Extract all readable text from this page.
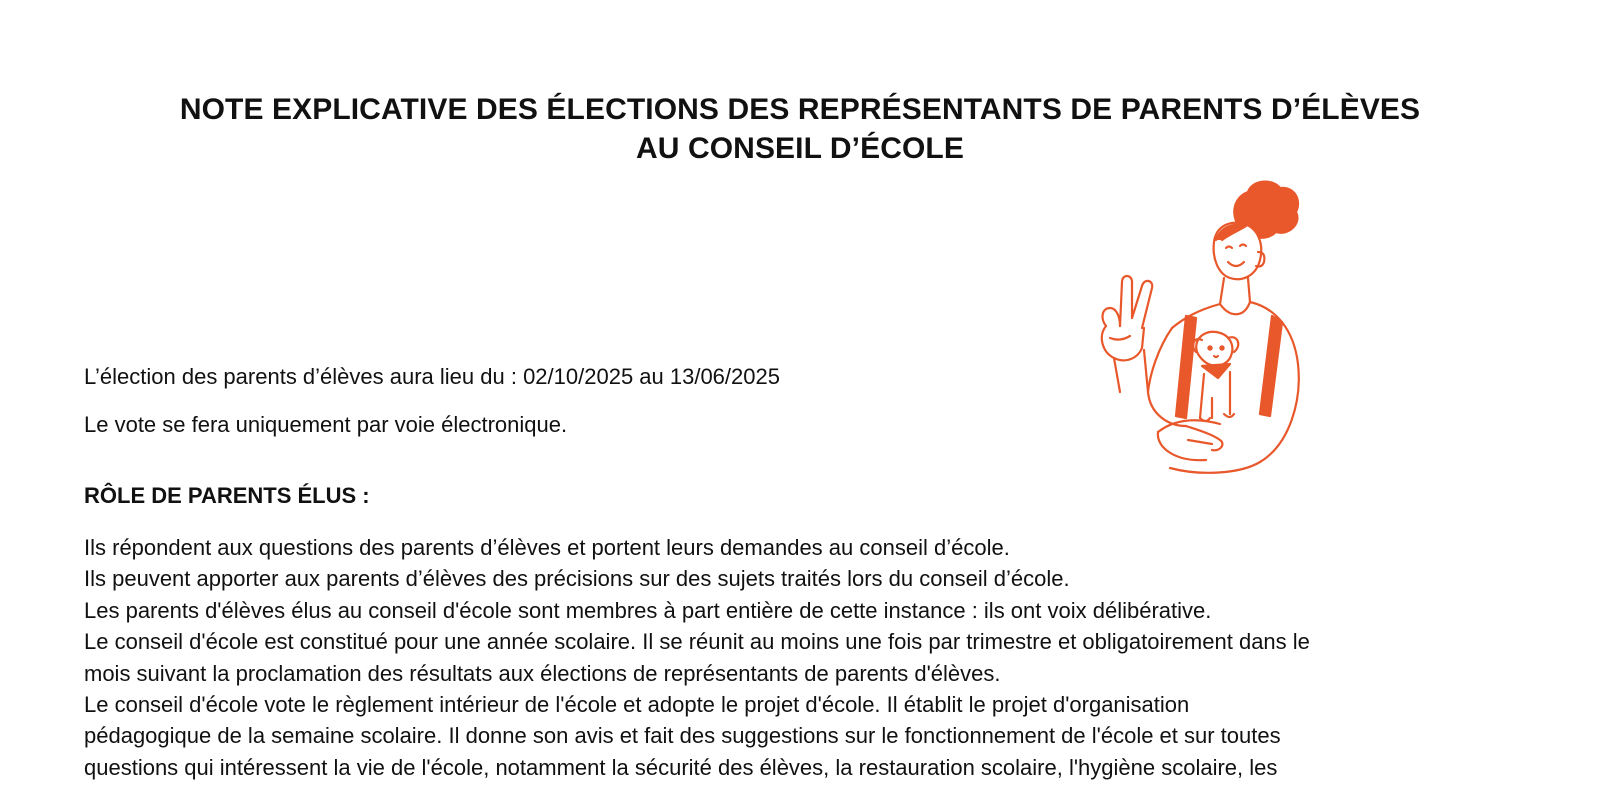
NOTE EXPLICATIVE DES ÉLECTIONS DES REPRÉSENTANTS DE PARENTS D’ÉLÈVES
AU CONSEIL D’ÉCOLE

L’élection des parents d’élèves aura lieu du : 02/10/2025 au 13/06/2025

Le vote se fera uniquement par voie électronique.

RÔLE DE PARENTS ÉLUS :

Ils répondent aux questions des parents d’élèves et portent leurs demandes au conseil d’école.

Ils peuvent apporter aux parents d’élèves des précisions sur des sujets traités lors du conseil d’école.

Les parents d'élèves élus au conseil d'école sont membres à part entière de cette instance : ils ont voix délibérative.

Le conseil d'école est constitué pour une année scolaire. Il se réunit au moins une fois par trimestre et obligatoirement dans le

mois suivant la proclamation des résultats aux élections de représentants de parents d'élèves.

Le conseil d'école vote le règlement intérieur de l'école et adopte le projet d'école. Il établit le projet d'organisation

pédagogique de la semaine scolaire. Il donne son avis et fait des suggestions sur le fonctionnement de l'école et sur toutes

questions qui intéressent la vie de l'école, notamment la sécurité des élèves, la restauration scolaire, l'hygiène scolaire, les
